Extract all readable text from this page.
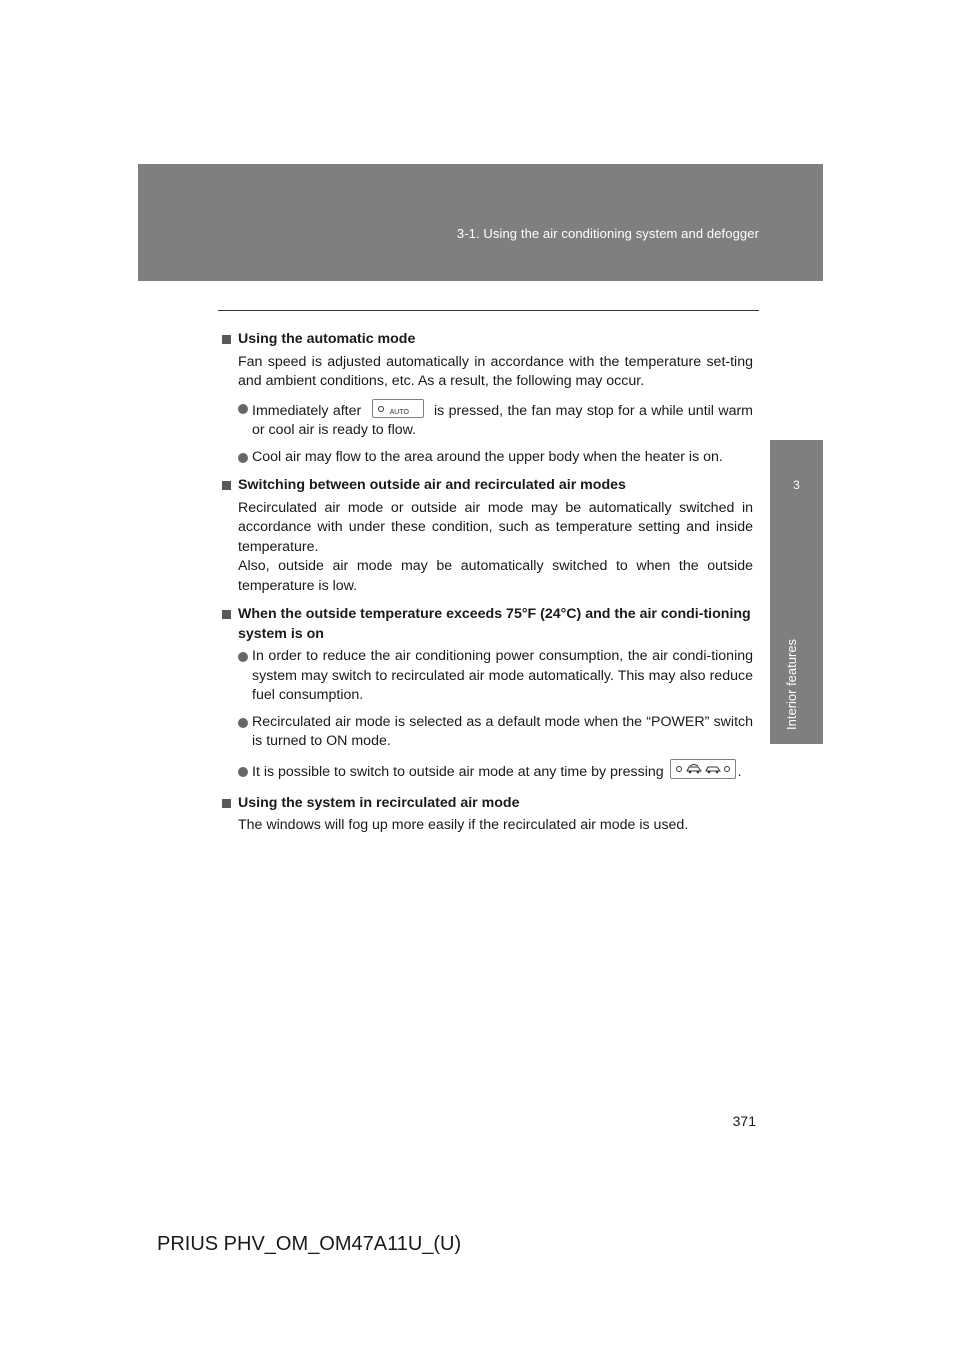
3-1. Using the air conditioning system and defogger
3
Interior features
Using the automatic mode
Fan speed is adjusted automatically in accordance with the temperature set-ting and ambient conditions, etc. As a result, the following may occur.
Immediately after	AUTO is pressed, the fan may stop for a while until warm or cool air is ready to flow.
Cool air may flow to the area around the upper body when the heater is on.
Switching between outside air and recirculated air modes
Recirculated air mode or outside air mode may be automatically switched in accordance with under these condition, such as temperature setting and inside temperature.
Also, outside air mode may be automatically switched to when the outside temperature is low.
When the outside temperature exceeds 75°F (24°C) and the air condi-tioning system is on
In order to reduce the air conditioning power consumption, the air condi-tioning system may switch to recirculated air mode automatically. This may also reduce fuel consumption.
Recirculated air mode is selected as a default mode when the “POWER” switch is turned to ON mode.
It is possible to switch to outside air mode at any time by pressing	.
Using the system in recirculated air mode
The windows will fog up more easily if the recirculated air mode is used.
371
PRIUS PHV_OM_OM47A11U_(U)
